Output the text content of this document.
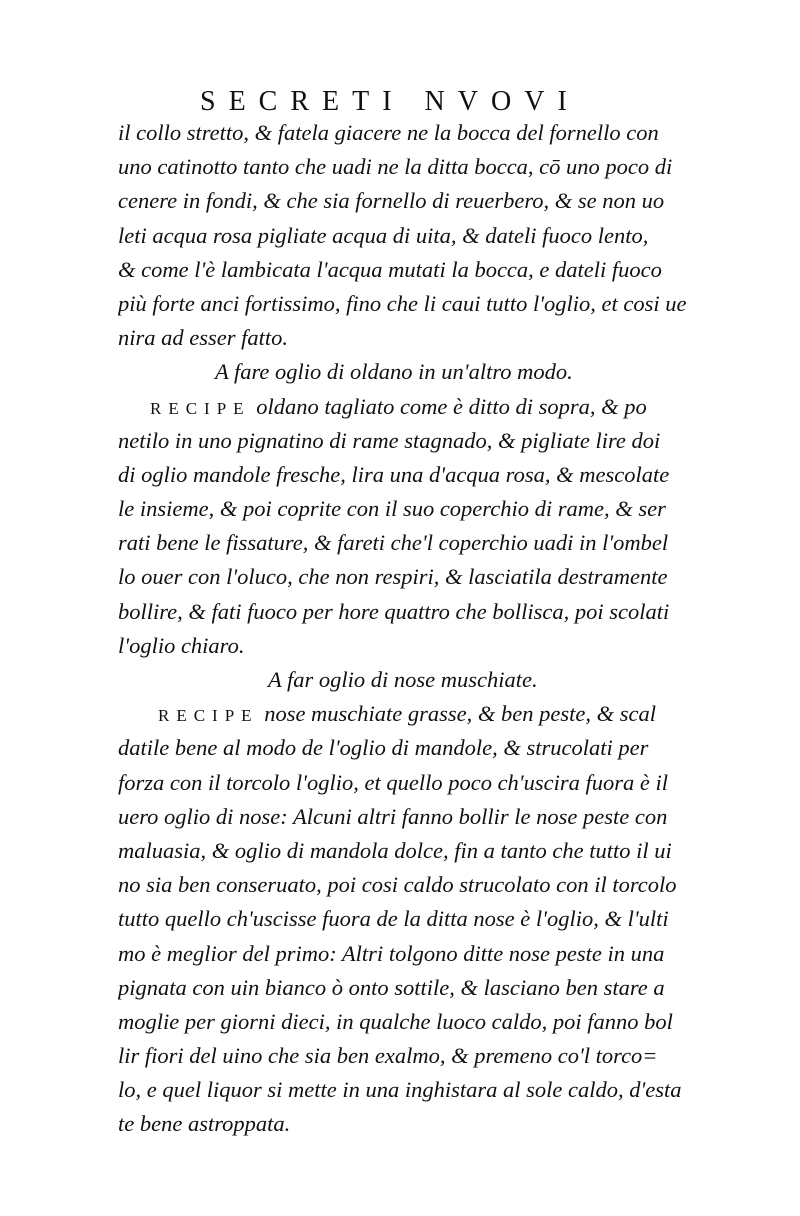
SECRETI NVOVI
il collo stretto, & fatela giacere ne la bocca del fornello con
uno catinotto tanto che uadi ne la ditta bocca, cō uno poco di
cenere in fondi, & che sia fornello di reuerbero, & se non uo
leti acqua rosa pigliate acqua di uita, & dateli fuoco lento,
& come l'è lambicata l'acqua mutati la bocca, e dateli fuoco
più forte anci fortissimo, fino che li caui tutto l'oglio, et cosi ue
nira ad esser fatto.
A fare oglio di oldano in un'altro modo.
RECIPE oldano tagliato come è ditto di sopra, & po
netilo in uno pignatino di rame stagnado, & pigliate lire doi
di oglio mandole fresche, lira una d'acqua rosa, & mescolate
le insieme, & poi coprite con il suo coperchio di rame, & ser
rati bene le fissature, & fareti che'l coperchio uadi in l'ombel
lo ouer con l'oluco, che non respiri, & lasciatila destramente
bollire, & fati fuoco per hore quattro che bollisca, poi scolati
l'oglio chiaro.
A far oglio di nose muschiate.
RECIPE nose muschiate grasse, & ben peste, & scal
datile bene al modo de l'oglio di mandole, & strucolati per
forza con il torcolo l'oglio, et quello poco ch'uscira fuora è il
uero oglio di nose: Alcuni altri fanno bollir le nose peste con
maluasia, & oglio di mandola dolce, fin a tanto che tutto il ui
no sia ben conseruato, poi cosi caldo strucolato con il torcolo
tutto quello ch'uscisse fuora de la ditta nose è l'oglio, & l'ulti
mo è meglior del primo: Altri tolgono ditte nose peste in una
pignata con uin bianco ò onto sottile, & lasciano ben stare a
moglie per giorni dieci, in qualche luoco caldo, poi fanno bol
lir fiori del uino che sia ben exalmo, & premeno co'l torco=
lo, e quel liquor si mette in una inghistara al sole caldo, d'esta
te bene astroppata.
